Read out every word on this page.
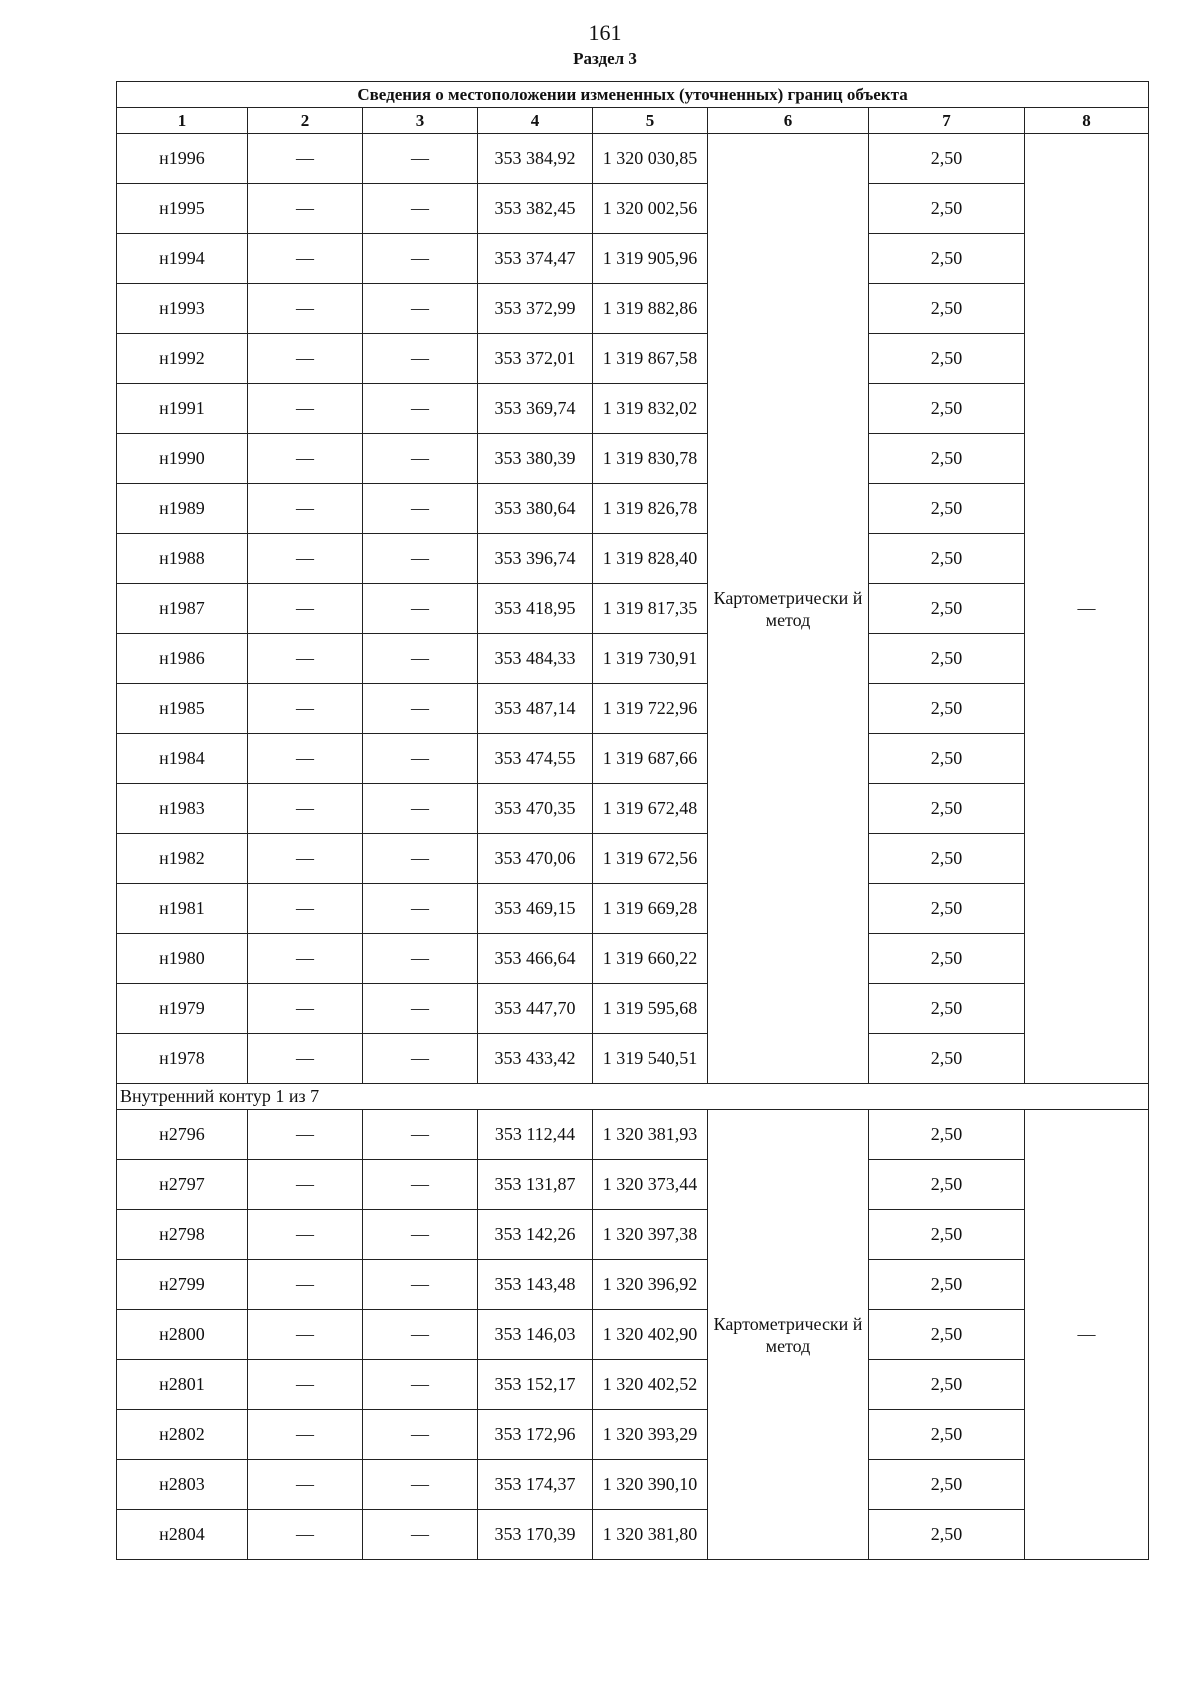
161
Раздел 3
Сведения о местоположении измененных (уточненных) границ объекта							
1	2	3	4	5	6	7	8
н1996	—	—	353 384,92	1 320 030,85	Картометрически й метод	2,50	—
н1995	—	—	353 382,45	1 320 002,56		2,50	
н1994	—	—	353 374,47	1 319 905,96		2,50	
н1993	—	—	353 372,99	1 319 882,86		2,50	
н1992	—	—	353 372,01	1 319 867,58		2,50	
н1991	—	—	353 369,74	1 319 832,02		2,50	
н1990	—	—	353 380,39	1 319 830,78		2,50	
н1989	—	—	353 380,64	1 319 826,78		2,50	
н1988	—	—	353 396,74	1 319 828,40		2,50	
н1987	—	—	353 418,95	1 319 817,35		2,50	
н1986	—	—	353 484,33	1 319 730,91		2,50	
н1985	—	—	353 487,14	1 319 722,96		2,50	
н1984	—	—	353 474,55	1 319 687,66		2,50	
н1983	—	—	353 470,35	1 319 672,48		2,50	
н1982	—	—	353 470,06	1 319 672,56		2,50	
н1981	—	—	353 469,15	1 319 669,28		2,50	
н1980	—	—	353 466,64	1 319 660,22		2,50	
н1979	—	—	353 447,70	1 319 595,68		2,50	
н1978	—	—	353 433,42	1 319 540,51		2,50	
Внутренний контур 1 из 7							
н2796	—	—	353 112,44	1 320 381,93	Картометрически й метод	2,50	—
н2797	—	—	353 131,87	1 320 373,44		2,50	
н2798	—	—	353 142,26	1 320 397,38		2,50	
н2799	—	—	353 143,48	1 320 396,92		2,50	
н2800	—	—	353 146,03	1 320 402,90		2,50	
н2801	—	—	353 152,17	1 320 402,52		2,50	
н2802	—	—	353 172,96	1 320 393,29		2,50	
н2803	—	—	353 174,37	1 320 390,10		2,50	
н2804	—	—	353 170,39	1 320 381,80		2,50	
